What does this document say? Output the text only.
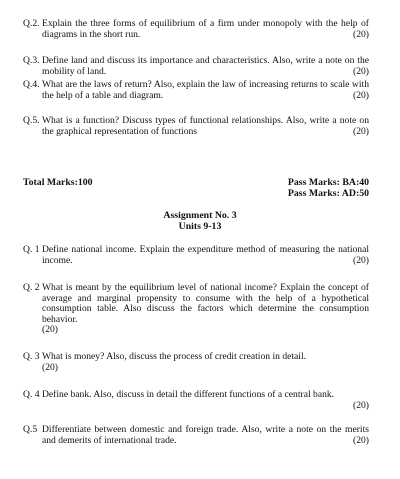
Q.2. Explain the three forms of equilibrium of a firm under monopoly with the help of diagrams in the short run.	(20)
Q.3. Define land and discuss its importance and characteristics. Also, write a note on the mobility of land.	(20)
Q.4. What are the laws of return? Also, explain the law of increasing returns to scale with the help of a table and diagram.	(20)
Q.5. What is a function? Discuss types of functional relationships. Also, write a note on the graphical representation of functions	(20)
Total Marks:100	Pass Marks: BA:40
Pass Marks: AD:50
Assignment No. 3
Units 9-13
Q. 1 Define national income. Explain the expenditure method of measuring the national income.	(20)
Q. 2 What is meant by the equilibrium level of national income? Explain the concept of average and marginal propensity to consume with the help of a hypothetical consumption table. Also discuss the factors which determine the consumption behavior.
(20)
Q. 3 What is money? Also, discuss the process of credit creation in detail.
(20)
Q. 4 Define bank. Also, discuss in detail the different functions of a central bank.
(20)
Q.5 Differentiate between domestic and foreign trade. Also, write a note on the merits and demerits of international trade.	(20)
